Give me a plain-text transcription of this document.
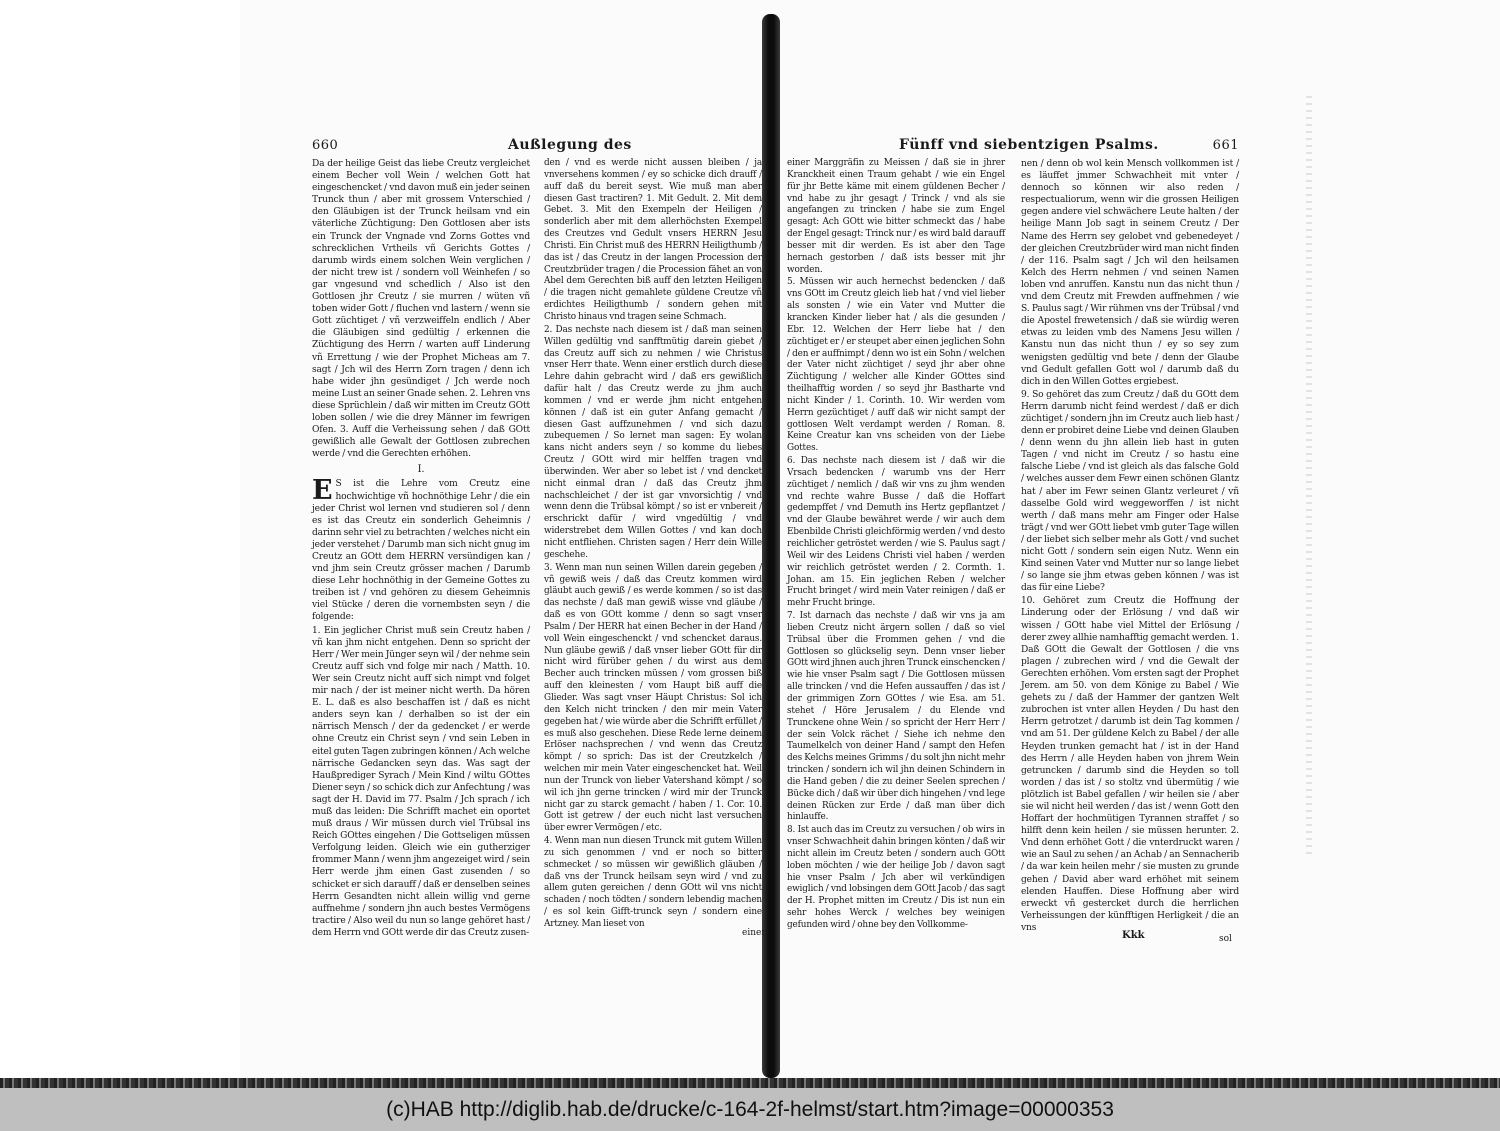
660	Außlegung des

Da der heilige Geist das liebe Creutz vergleichet einem Becher voll Wein / welchen Gott hat eingeschencket / vnd davon muß ein jeder seinen Trunck thun / aber mit grossem Vnterschied / den Gläubigen ist der Trunck heilsam vnd ein väterliche Züchtigung: Den Gottlosen aber ists ein Trunck der Vngnade vnd Zorns Gottes vnd schrecklichen Vrtheils vñ Gerichts Gottes / darumb wirds einem solchen Wein verglichen / der nicht trew ist / sondern voll Weinhefen / so gar vngesund vnd schedlich / Also ist den Gottlosen jhr Creutz / sie murren / wüten vñ toben wider Gott / fluchen vnd lastern / wenn sie Gott züchtiget / vñ verzweiffeln endlich / Aber die Gläubigen sind gedültig / erkennen die Züchtigung des Herrn / warten auff Linderung vñ Errettung / wie der Prophet Micheas am 7. sagt / Jch wil des Herrn Zorn tragen / denn ich habe wider jhn gesündiget / Jch werde noch meine Lust an seiner Gnade sehen. 2. Lehren vns diese Sprüchlein / daß wir mitten im Creutz GOtt loben sollen / wie die drey Männer im fewrigen Ofen. 3. Auff die Verheissung sehen / daß GOtt gewißlich alle Gewalt der Gottlosen zubrechen werde / vnd die Gerechten erhöhen.

I.

E S ist die Lehre vom Creutz eine hochwichtige vñ hochnöthige Lehr / die ein jeder Christ wol lernen vnd studieren sol / denn es ist das Creutz ein sonderlich Geheimnis / darinn sehr viel zu betrachten / welches nicht ein jeder verstehet / Darumb man sich nicht gnug im Creutz an GOtt dem HERRN versündigen kan / vnd jhm sein Creutz grösser machen / Darumb diese Lehr hochnöthig in der Gemeine Gottes zu treiben ist / vnd gehören zu diesem Geheimnis viel Stücke / deren die vornembsten seyn / die folgende:

1. Ein jeglicher Christ muß sein Creutz haben / vñ kan jhm nicht entgehen. Denn so spricht der Herr / Wer mein Jünger seyn wil / der nehme sein Creutz auff sich vnd folge mir nach / Matth. 10. Wer sein Creutz nicht auff sich nimpt vnd folget mir nach / der ist meiner nicht werth. Da hören E. L. daß es also beschaffen ist / daß es nicht anders seyn kan / derhalben so ist der ein närrisch Mensch / der da gedencket / er werde ohne Creutz ein Christ seyn / vnd sein Leben in eitel guten Tagen zubringen können / Ach welche närrische Gedancken seyn das. Was sagt der Haußprediger Syrach / Mein Kind / wiltu GOttes Diener seyn / so schick dich zur Anfechtung / was sagt der H. David im 77. Psalm / Jch sprach / ich muß das leiden: Die Schrifft machet ein oportet muß draus / Wir müssen durch viel Trübsal ins Reich GOttes eingehen / Die Gottseligen müssen Verfolgung leiden. Gleich wie ein gutherziger frommer Mann / wenn jhm angezeiget wird / sein Herr werde jhm einen Gast zusenden / so schicket er sich darauff / daß er denselben seines Herrn Gesandten nicht allein willig vnd gerne auffnehme / sondern jhn auch bestes Vermögens tractire / Also weil du nun so lange gehöret hast / dem Herrn vnd GOtt werde dir das Creutz zusen-

den / vnd es werde nicht aussen bleiben / ja vnversehens kommen / ey so schicke dich drauff / auff daß du bereit seyst. Wie muß man aber diesen Gast tractiren? 1. Mit Gedult. 2. Mit dem Gebet. 3. Mit den Exempeln der Heiligen / sonderlich aber mit dem allerhöchsten Exempel des Creutzes vnd Gedult vnsers HERRN Jesu Christi. Ein Christ muß des HERRN Heiligthumb / das ist / das Creutz in der langen Procession der Creutzbrüder tragen / die Procession fähet an von Abel dem Gerechten biß auff den letzten Heiligen / die tragen nicht gemahlete güldene Creutze vñ erdichtes Heiligthumb / sondern gehen mit Christo hinaus vnd tragen seine Schmach.

2. Das nechste nach diesem ist / daß man seinen Willen gedültig vnd sanfftmütig darein giebet / das Creutz auff sich zu nehmen / wie Christus vnser Herr thate. Wenn einer erstlich durch diese Lehre dahin gebracht wird / daß ers gewißlich dafür halt / das Creutz werde zu jhm auch kommen / vnd er werde jhm nicht entgehen können / daß ist ein guter Anfang gemacht / diesen Gast auffzunehmen / vnd sich dazu zubequemen / So lernet man sagen: Ey wolan kans nicht anders seyn / so komme du liebes Creutz / GOtt wird mir helffen tragen vnd überwinden. Wer aber so lebet ist / vnd dencket nicht einmal dran / daß das Creutz jhm nachschleichet / der ist gar vnvorsichtig / vnd wenn denn die Trübsal kömpt / so ist er vnbereit / erschrickt dafür / wird vngedültig / vnd widerstrebet dem Willen Gottes / vnd kan doch nicht entfliehen. Christen sagen / Herr dein Wille geschehe.

3. Wenn man nun seinen Willen darein gegeben / vñ gewiß weis / daß das Creutz kommen wird gläubt auch gewiß / es werde kommen / so ist das das nechste / daß man gewiß wisse vnd gläube / daß es von GOtt komme / denn so sagt vnser Psalm / Der HERR hat einen Becher in der Hand / voll Wein eingeschenckt / vnd schencket daraus. Nun gläube gewiß / daß vnser lieber GOtt für dir nicht wird fürüber gehen / du wirst aus dem Becher auch trincken müssen / vom grossen biß auff den kleinesten / vom Haupt biß auff die Glieder. Was sagt vnser Häupt Christus: Sol ich den Kelch nicht trincken / den mir mein Vater gegeben hat / wie würde aber die Schrifft erfüllet / es muß also geschehen. Diese Rede lerne deinem Erlöser nachsprechen / vnd wenn das Creutz kömpt / so sprich: Das ist der Creutzkelch / welchen mir mein Vater eingeschencket hat. Weil nun der Trunck von lieber Vatershand kömpt / so wil ich jhn gerne trincken / wird mir der Trunck nicht gar zu starck gemacht / haben / 1. Cor. 10. Gott ist getrew / der euch nicht last versuchen über ewrer Vermögen / etc.

4. Wenn man nun diesen Trunck mit gutem Willen zu sich genommen / vnd er noch so bitter schmecket / so müssen wir gewißlich gläuben / daß vns der Trunck heilsam seyn wird / vnd zu allem guten gereichen / denn GOtt wil vns nicht schaden / noch tödten / sondern lebendig machen / es sol kein Gifft-trunck seyn / sondern eine Artzney. Man lieset von

einer
Fünff vnd siebentzigen Psalms.	661

einer Marggräfin zu Meissen / daß sie in jhrer Kranckheit einen Traum gehabt / wie ein Engel für jhr Bette käme mit einem güldenen Becher / vnd habe zu jhr gesagt / Trinck / vnd als sie angefangen zu trincken / habe sie zum Engel gesagt: Ach GOtt wie bitter schmeckt das / habe der Engel gesagt: Trinck nur / es wird bald darauff besser mit dir werden. Es ist aber den Tage hernach gestorben / daß ists besser mit jhr worden.

5. Müssen wir auch hernechst bedencken / daß vns GOtt im Creutz gleich lieb hat / vnd viel lieber als sonsten / wie ein Vater vnd Mutter die krancken Kinder lieber hat / als die gesunden / Ebr. 12. Welchen der Herr liebe hat / den züchtiget er / er steupet aber einen jeglichen Sohn / den er auffnimpt / denn wo ist ein Sohn / welchen der Vater nicht züchtiget / seyd jhr aber ohne Züchtigung / welcher alle Kinder GOttes sind theilhafftig worden / so seyd jhr Bastharte vnd nicht Kinder / 1. Corinth. 10. Wir werden vom Herrn gezüchtiget / auff daß wir nicht sampt der gottlosen Welt verdampt werden / Roman. 8. Keine Creatur kan vns scheiden von der Liebe Gottes.

6. Das nechste nach diesem ist / daß wir die Vrsach bedencken / warumb vns der Herr züchtiget / nemlich / daß wir vns zu jhm wenden vnd rechte wahre Busse / daß die Hoffart gedempffet / vnd Demuth ins Hertz gepflantzet / vnd der Glaube bewähret werde / wir auch dem Ebenbilde Christi gleichförmig werden / vnd desto reichlicher getröstet werden / wie S. Paulus sagt / Weil wir des Leidens Christi viel haben / werden wir reichlich getröstet werden / 2. Cormth. 1. Johan. am 15. Ein jeglichen Reben / welcher Frucht bringet / wird mein Vater reinigen / daß er mehr Frucht bringe.

7. Ist darnach das nechste / daß wir vns ja am lieben Creutz nicht ärgern sollen / daß so viel Trübsal über die Frommen gehen / vnd die Gottlosen so glückselig seyn. Denn vnser lieber GOtt wird jhnen auch jhren Trunck einschencken / wie hie vnser Psalm sagt / Die Gottlosen müssen alle trincken / vnd die Hefen aussauffen / das ist / der grimmigen Zorn GOttes / wie Esa. am 51. stehet / Höre Jerusalem / du Elende vnd Trunckene ohne Wein / so spricht der Herr Herr / der sein Volck rächet / Siehe ich nehme den Taumelkelch von deiner Hand / sampt den Hefen des Kelchs meines Grimms / du solt jhn nicht mehr trincken / sondern ich wil jhn deinen Schindern in die Hand geben / die zu deiner Seelen sprechen / Bücke dich / daß wir über dich hingehen / vnd lege deinen Rücken zur Erde / daß man über dich hinlauffe.

8. Ist auch das im Creutz zu versuchen / ob wirs in vnser Schwachheit dahin bringen könten / daß wir nicht allein im Creutz beten / sondern auch GOtt loben möchten / wie der heilige Job / davon sagt hie vnser Psalm / Jch aber wil verkündigen ewiglich / vnd lobsingen dem GOtt Jacob / das sagt der H. Prophet mitten im Creutz / Dis ist nun ein sehr hohes Werck / welches bey weinigen gefunden wird / ohne bey den Vollkomme-

nen / denn ob wol kein Mensch vollkommen ist / es läuffet jmmer Schwachheit mit vnter / dennoch so können wir also reden / respectualiorum, wenn wir die grossen Heiligen gegen andere viel schwächere Leute halten / der heilige Mann Job sagt in seinem Creutz / Der Name des Herrn sey gelobet vnd gebenedeyet / der gleichen Creutzbrüder wird man nicht finden / der 116. Psalm sagt / Jch wil den heilsamen Kelch des Herrn nehmen / vnd seinen Namen loben vnd anruffen. Kanstu nun das nicht thun / vnd dem Creutz mit Frewden auffnehmen / wie S. Paulus sagt / Wir rühmen vns der Trübsal / vnd die Apostel frewetensich / daß sie würdig weren etwas zu leiden vmb des Namens Jesu willen / Kanstu nun das nicht thun / ey so sey zum wenigsten gedültig vnd bete / denn der Glaube vnd Gedult gefallen Gott wol / darumb daß du dich in den Willen Gottes ergiebest.

9. So gehöret das zum Creutz / daß du GOtt dem Herrn darumb nicht feind werdest / daß er dich züchtiget / sondern jhn im Creutz auch lieb hast / denn er probiret deine Liebe vnd deinen Glauben / denn wenn du jhn allein lieb hast in guten Tagen / vnd nicht im Creutz / so hastu eine falsche Liebe / vnd ist gleich als das falsche Gold / welches ausser dem Fewr einen schönen Glantz hat / aber im Fewr seinen Glantz verleuret / vñ dasselbe Gold wird weggeworffen / ist nicht werth / daß mans mehr am Finger oder Halse trägt / vnd wer GOtt liebet vmb guter Tage willen / der liebet sich selber mehr als Gott / vnd suchet nicht Gott / sondern sein eigen Nutz. Wenn ein Kind seinen Vater vnd Mutter nur so lange liebet / so lange sie jhm etwas geben können / was ist das für eine Liebe?

10. Gehöret zum Creutz die Hoffnung der Linderung oder der Erlösung / vnd daß wir wissen / GOtt habe viel Mittel der Erlösung / derer zwey allhie namhafftig gemacht werden. 1. Daß GOtt die Gewalt der Gottlosen / die vns plagen / zubrechen wird / vnd die Gewalt der Gerechten erhöhen. Vom ersten sagt der Prophet Jerem. am 50. von dem Könige zu Babel / Wie gehets zu / daß der Hammer der gantzen Welt zubrochen ist vnter allen Heyden / Du hast den Herrn getrotzet / darumb ist dein Tag kommen / vnd am 51. Der güldene Kelch zu Babel / der alle Heyden trunken gemacht hat / ist in der Hand des Herrn / alle Heyden haben von jhrem Wein getruncken / darumb sind die Heyden so toll worden / das ist / so stoltz vnd übermütig / wie plötzlich ist Babel gefallen / wir heilen sie / aber sie wil nicht heil werden / das ist / wenn Gott den Hoffart der hochmütigen Tyrannen straffet / so hilfft denn kein heilen / sie müssen herunter. 2. Vnd denn erhöhet Gott / die vnterdruckt waren / wie an Saul zu sehen / an Achab / an Sennacherib / da war kein heilen mehr / sie musten zu grunde gehen / David aber ward erhöhet mit seinem elenden Hauffen. Diese Hoffnung aber wird erweckt vñ gestercket durch die herrlichen Verheissungen der künfftigen Herligkeit / die an vns

Kkk	sol
(c)HAB http://diglib.hab.de/drucke/c-164-2f-helmst/start.htm?image=00000353
